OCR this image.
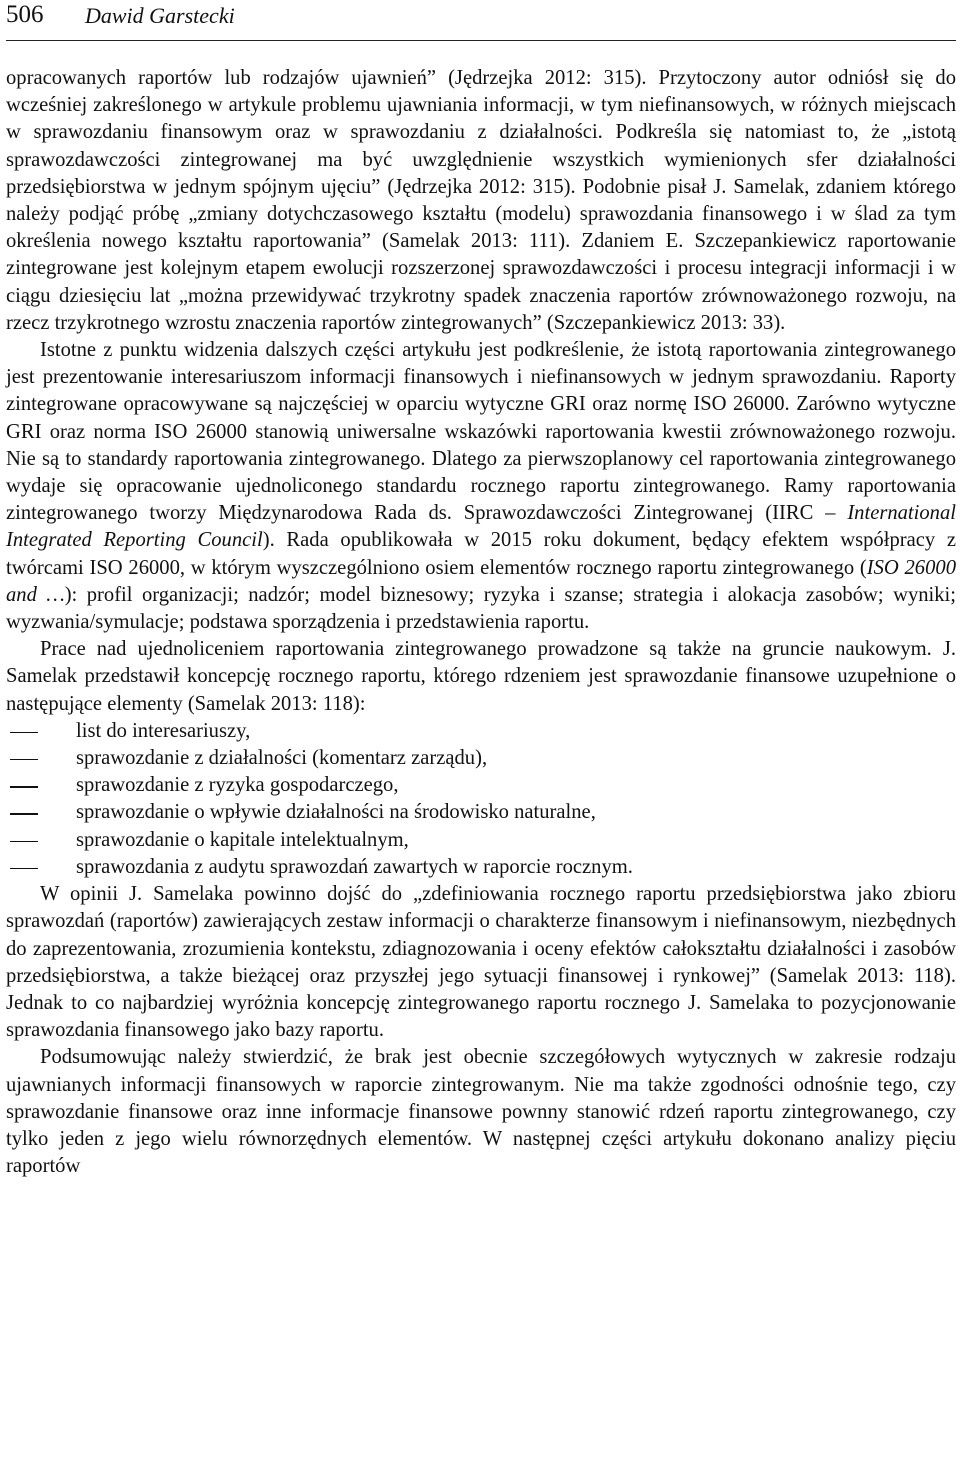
506 Dawid Garstecki

opracowanych raportów lub rodzajów ujawnień” (Jędrzejka 2012: 315). Przytoczony autor odniósł się do wcześniej zakreślonego w artykule problemu ujawniania informacji, w tym niefinansowych, w różnych miejscach w sprawozdaniu finansowym oraz w sprawozdaniu z działalności. Podkreśla się natomiast to, że „istotą sprawozdawczości zintegrowanej ma być uwzględnienie wszystkich wymienionych sfer działalności przedsiębiorstwa w jednym spójnym ujęciu” (Jędrzejka 2012: 315). Podobnie pisał J. Samelak, zdaniem którego należy podjąć próbę „zmiany dotychczasowego kształtu (modelu) sprawozdania finansowego i w ślad za tym określenia nowego kształtu raportowania” (Samelak 2013: 111). Zdaniem E. Szczepankiewicz raportowanie zintegrowane jest kolejnym etapem ewolucji rozszerzonej sprawozdawczości i procesu integracji informacji i w ciągu dziesięciu lat „można przewidywać trzykrotny spadek znaczenia raportów zrównoważonego rozwoju, na rzecz trzykrotnego wzrostu znaczenia raportów zintegrowanych” (Szczepankiewicz 2013: 33).

Istotne z punktu widzenia dalszych części artykułu jest podkreślenie, że istotą raportowania zintegrowanego jest prezentowanie interesariuszom informacji finansowych i niefinansowych w jednym sprawozdaniu. Raporty zintegrowane opracowywane są najczęściej w oparciu wytyczne GRI oraz normę ISO 26000. Zarówno wytyczne GRI oraz norma ISO 26000 stanowią uniwersalne wskazówki raportowania kwestii zrównoważonego rozwoju. Nie są to standardy raportowania zintegrowanego. Dlatego za pierwszoplanowy cel raportowania zintegrowanego wydaje się opracowanie ujednoliconego standardu rocznego raportu zintegrowanego. Ramy raportowania zintegrowanego tworzy Międzynarodowa Rada ds. Sprawozdawczości Zintegrowanej (IIRC – International Integrated Reporting Council). Rada opublikowała w 2015 roku dokument, będący efektem współpracy z twórcami ISO 26000, w którym wyszczególniono osiem elementów rocznego raportu zintegrowanego (ISO 26000 and …): profil organizacji; nadzór; model biznesowy; ryzyka i szanse; strategia i alokacja zasobów; wyniki; wyzwania/symulacje; podstawa sporządzenia i przedstawienia raportu.

Prace nad ujednoliceniem raportowania zintegrowanego prowadzone są także na gruncie naukowym. J. Samelak przedstawił koncepcję rocznego raportu, którego rdzeniem jest sprawozdanie finansowe uzupełnione o następujące elementy (Samelak 2013: 118):

list do interesariuszy,
sprawozdanie z działalności (komentarz zarządu),
sprawozdanie z ryzyka gospodarczego,
sprawozdanie o wpływie działalności na środowisko naturalne,
sprawozdanie o kapitale intelektualnym,
sprawozdania z audytu sprawozdań zawartych w raporcie rocznym.

W opinii J. Samelaka powinno dojść do „zdefiniowania rocznego raportu przedsiębiorstwa jako zbioru sprawozdań (raportów) zawierających zestaw informacji o charakterze finansowym i niefinansowym, niezbędnych do zaprezentowania, zrozumienia kontekstu, zdiagnozowania i oceny efektów całokształtu działalności i zasobów przedsiębiorstwa, a także bieżącej oraz przyszłej jego sytuacji finansowej i rynkowej” (Samelak 2013: 118). Jednak to co najbardziej wyróżnia koncepcję zintegrowanego raportu rocznego J. Samelaka to pozycjonowanie sprawozdania finansowego jako bazy raportu.

Podsumowując należy stwierdzić, że brak jest obecnie szczegółowych wytycznych w zakresie rodzaju ujawnianych informacji finansowych w raporcie zintegrowanym. Nie ma także zgodności odnośnie tego, czy sprawozdanie finansowe oraz inne informacje finansowe pownny stanowić rdzeń raportu zintegrowanego, czy tylko jeden z jego wielu równorzędnych elementów. W następnej części artykułu dokonano analizy pięciu raportów
